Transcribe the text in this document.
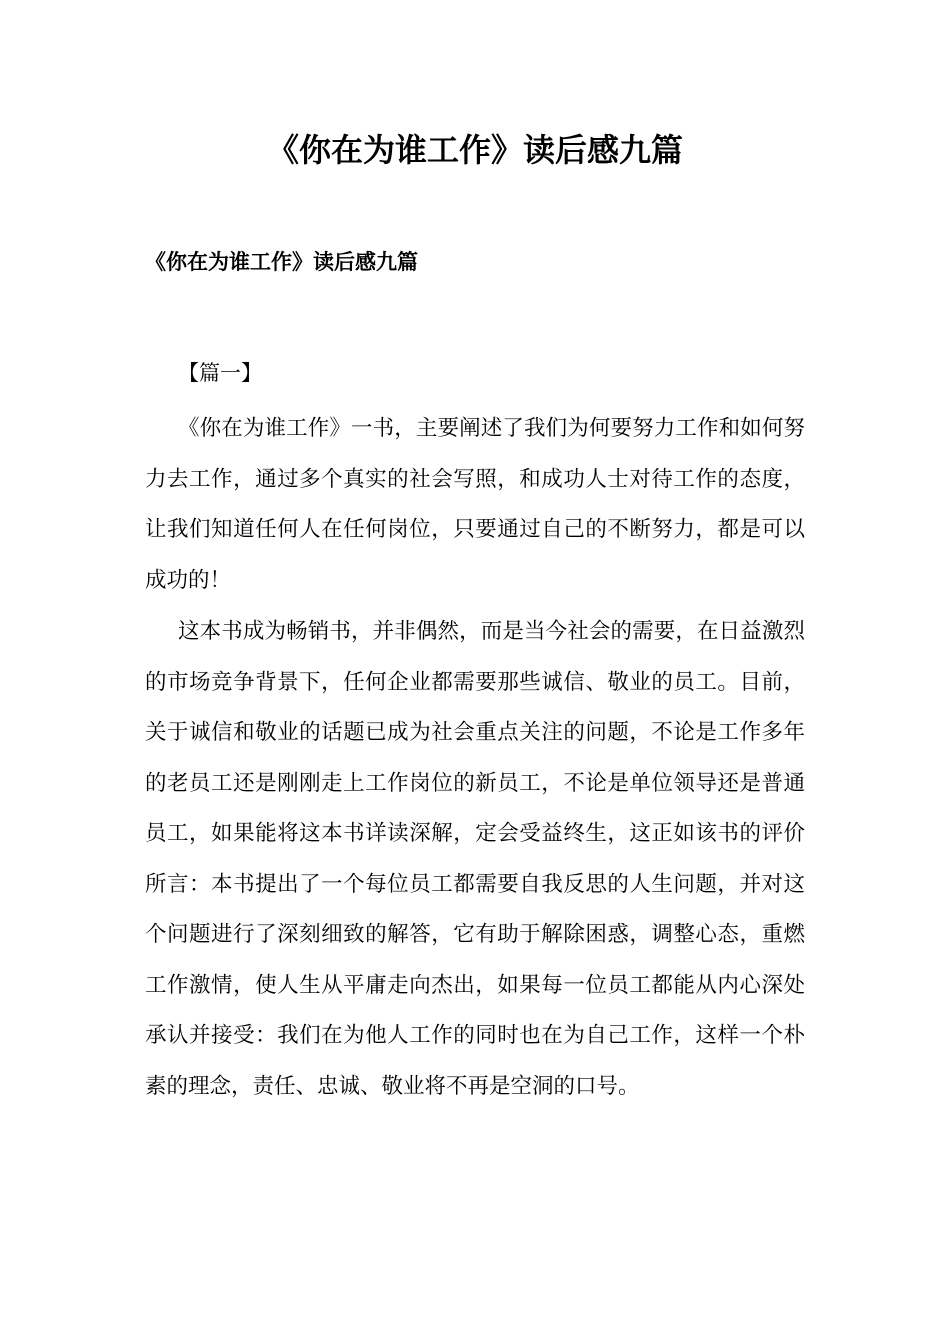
《你在为谁工作》读后感九篇
《你在为谁工作》读后感九篇
【篇一】

《你在为谁工作》一书，主要阐述了我们为何要努力工作和如何努力去工作，通过多个真实的社会写照，和成功人士对待工作的态度，让我们知道任何人在任何岗位，只要通过自己的不断努力，都是可以成功的！

这本书成为畅销书，并非偶然，而是当今社会的需要，在日益激烈的市场竞争背景下，任何企业都需要那些诚信、敬业的员工。目前，关于诚信和敬业的话题已成为社会重点关注的问题，不论是工作多年的老员工还是刚刚走上工作岗位的新员工，不论是单位领导还是普通员工，如果能将这本书详读深解，定会受益终生，这正如该书的评价所言：本书提出了一个每位员工都需要自我反思的人生问题，并对这个问题进行了深刻细致的解答，它有助于解除困惑，调整心态，重燃工作激情，使人生从平庸走向杰出，如果每一位员工都能从内心深处承认并接受：我们在为他人工作的同时也在为自己工作，这样一个朴素的理念，责任、忠诚、敬业将不再是空洞的口号。
